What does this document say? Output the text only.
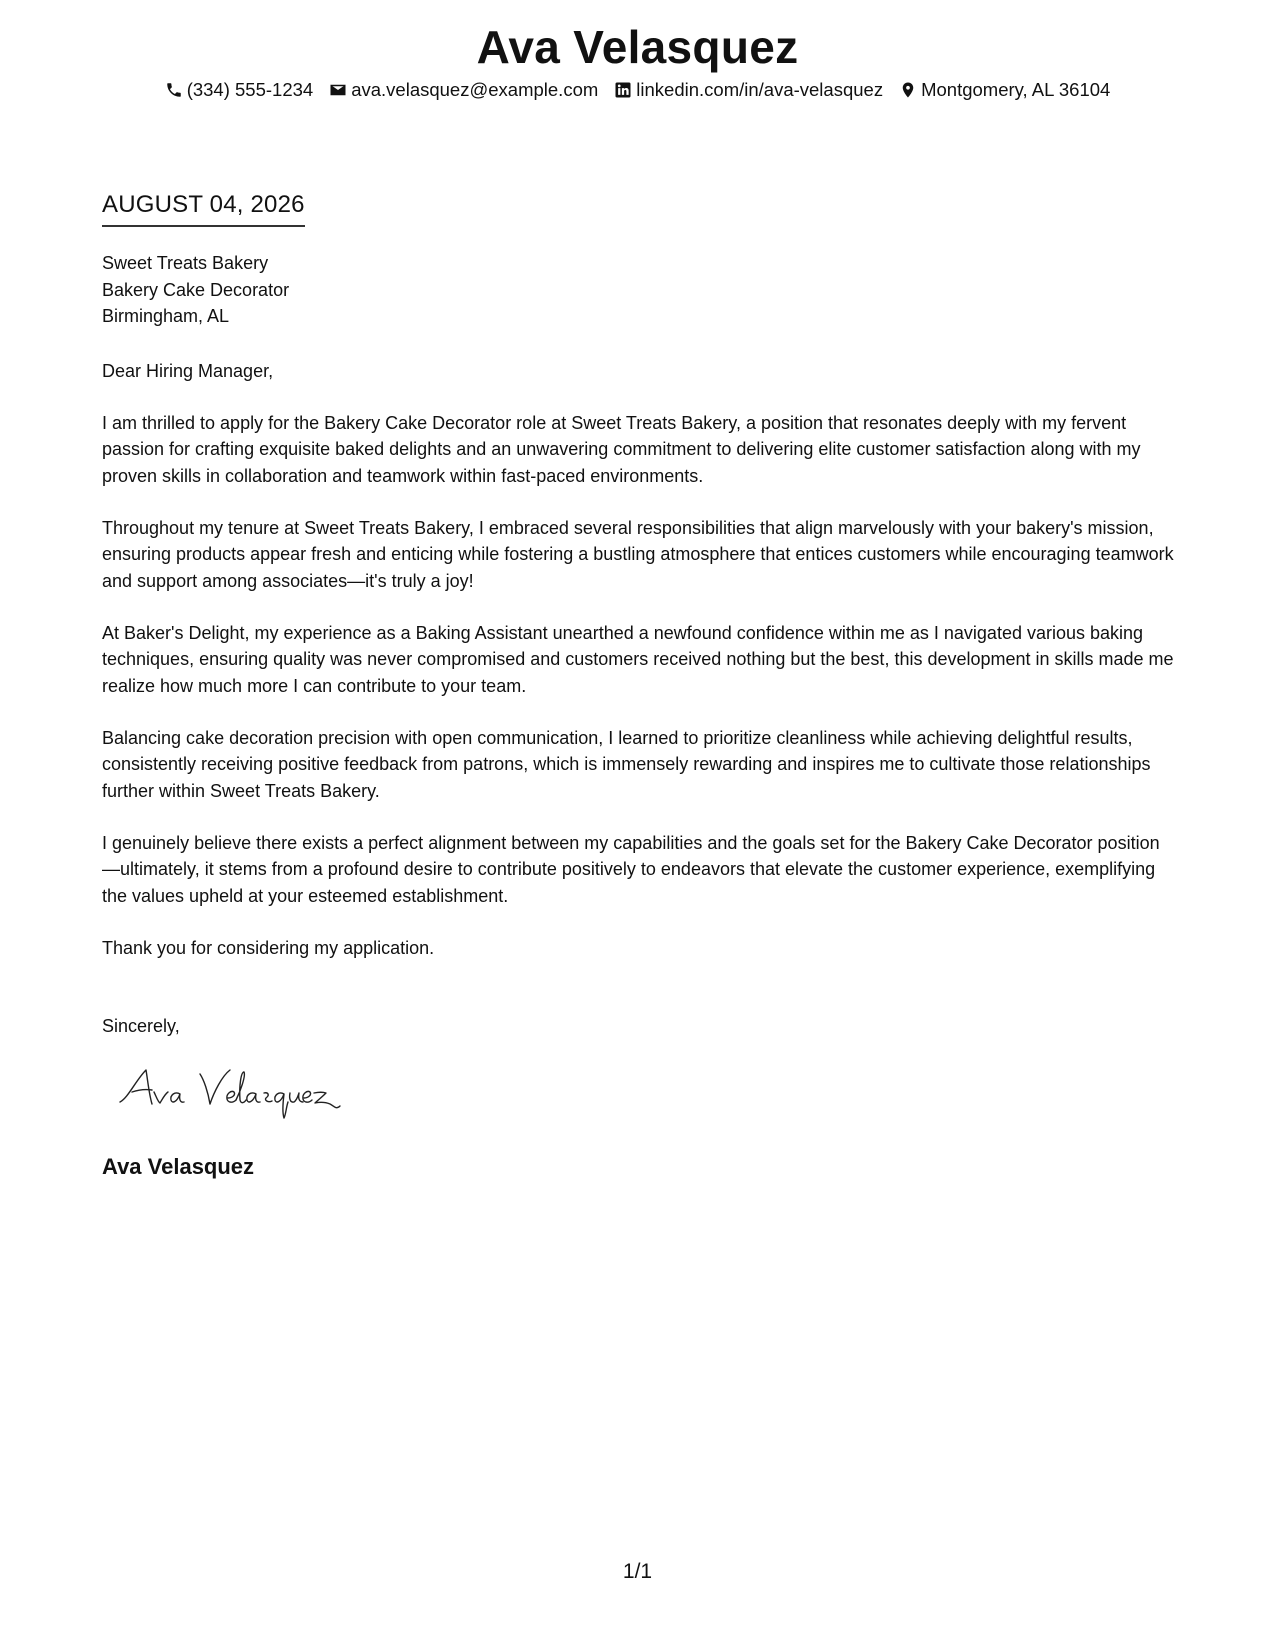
Ava Velasquez
(334) 555-1234 ava.velasquez@example.com linkedin.com/in/ava-velasquez Montgomery, AL 36104
AUGUST 04, 2026
Sweet Treats Bakery
Bakery Cake Decorator
Birmingham, AL
Dear Hiring Manager,
I am thrilled to apply for the Bakery Cake Decorator role at Sweet Treats Bakery, a position that resonates deeply with my fervent passion for crafting exquisite baked delights and an unwavering commitment to delivering elite customer satisfaction along with my proven skills in collaboration and teamwork within fast-paced environments.
Throughout my tenure at Sweet Treats Bakery, I embraced several responsibilities that align marvelously with your bakery's mission, ensuring products appear fresh and enticing while fostering a bustling atmosphere that entices customers while encouraging teamwork and support among associates—it's truly a joy!
At Baker's Delight, my experience as a Baking Assistant unearthed a newfound confidence within me as I navigated various baking techniques, ensuring quality was never compromised and customers received nothing but the best, this development in skills made me realize how much more I can contribute to your team.
Balancing cake decoration precision with open communication, I learned to prioritize cleanliness while achieving delightful results, consistently receiving positive feedback from patrons, which is immensely rewarding and inspires me to cultivate those relationships further within Sweet Treats Bakery.
I genuinely believe there exists a perfect alignment between my capabilities and the goals set for the Bakery Cake Decorator position—ultimately, it stems from a profound desire to contribute positively to endeavors that elevate the customer experience, exemplifying the values upheld at your esteemed establishment.
Thank you for considering my application.
Sincerely,
Ava Velasquez
1/1
